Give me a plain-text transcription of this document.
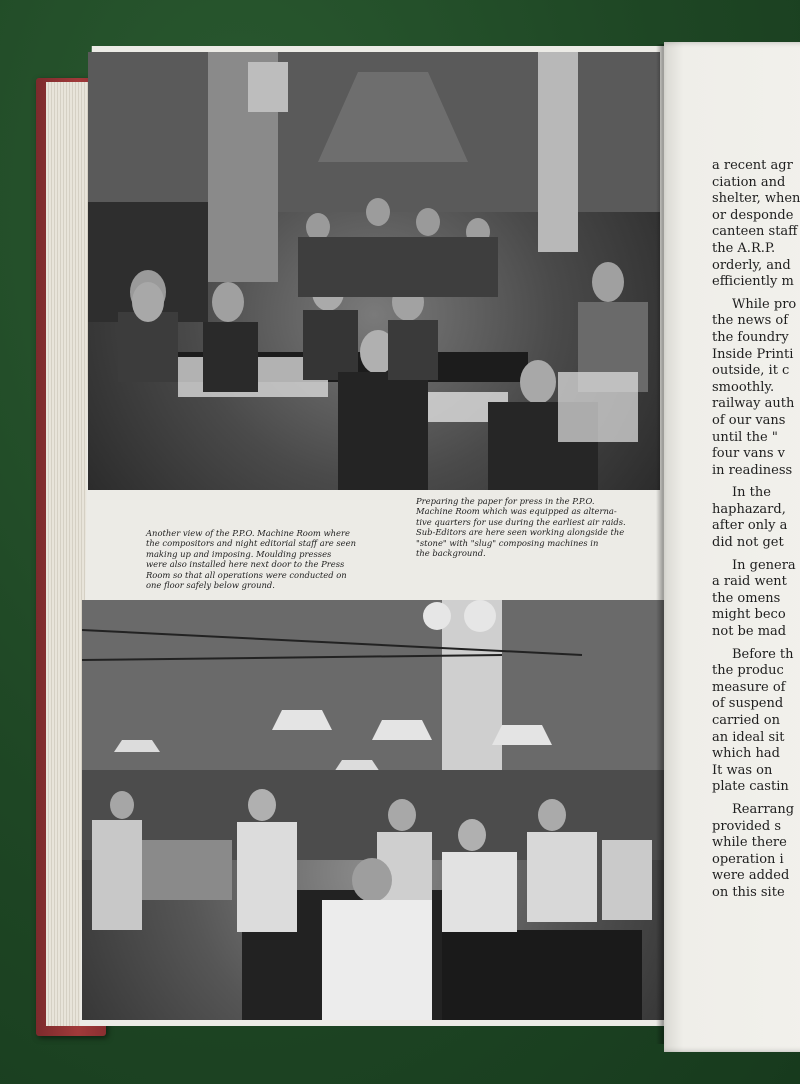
Another view of the P.P.O. Machine Room where
the compositors and night editorial staff are seen
making up and imposing. Moulding presses
were also installed here next door to the Press
Room so that all operations were conducted on
one floor safely below ground.
Preparing the paper for press in the P.P.O.
Machine Room which was equipped as alterna-
tive quarters for use during the earliest air raids.
Sub-Editors are here seen working alongside the
"stone" with "slug" composing machines in
the background.
a recent agr
ciation and
shelter, when
or despondе
canteen staff
the A.R.P.
orderly, and
efficiently m
While pro
the news of
the foundry
Inside Printi
outside, it c
smoothly.
railway auth
of our vans
until the "
four vans v
in readiness
In the
haphazard,
after only a
did not get
In genera
a raid went
the omens
might beco
not be mad
Before th
the produc
measure of
of suspend
carried on
an ideal sit
which had
It was on
plate castin
Rearrang
provided s
while there
operation i
were added
on this site
